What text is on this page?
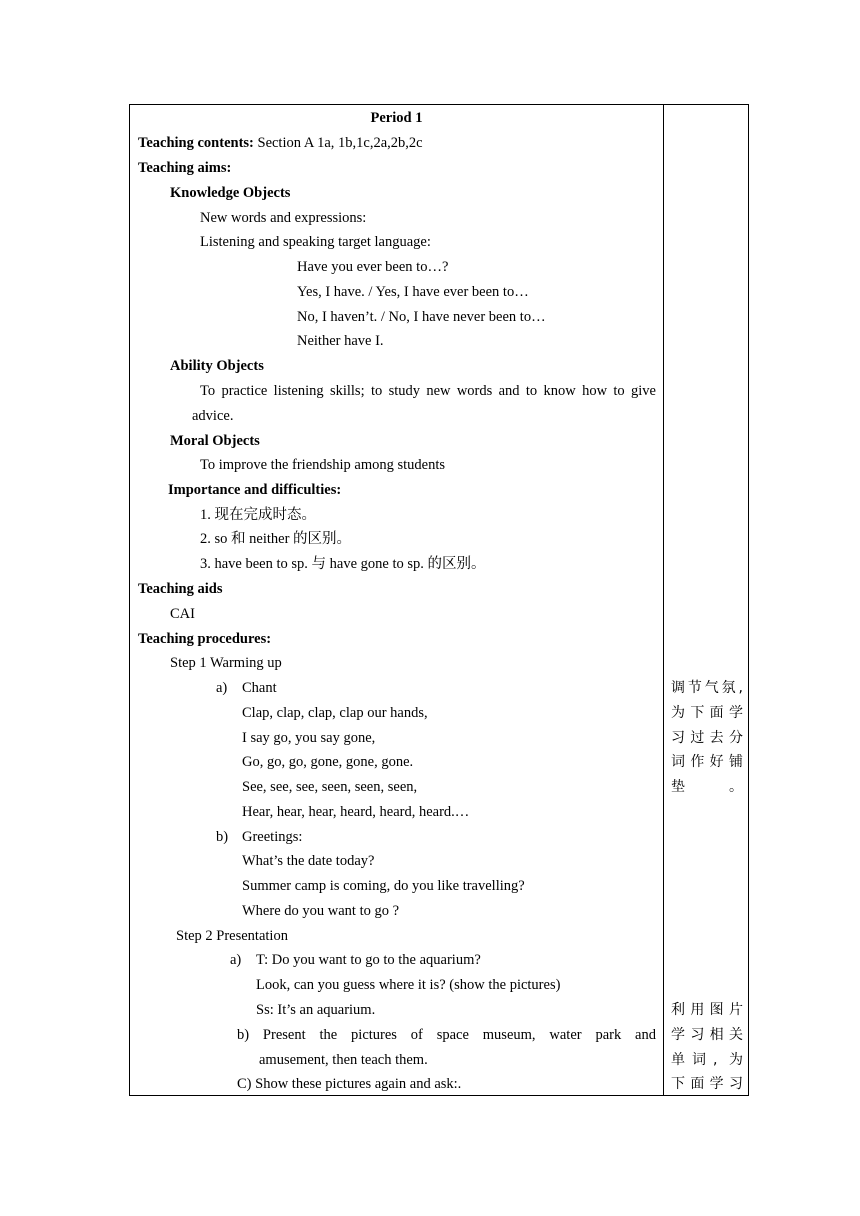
Period 1
Teaching contents: Section A 1a, 1b,1c,2a,2b,2c
Teaching aims:
Knowledge Objects
New words and expressions:
Listening and speaking target language:
Have you ever been to…?
Yes, I have. / Yes, I have ever been to…
No, I haven’t. / No, I have never been to…
Neither have I.
Ability Objects
To practice listening skills; to study new words and to know how to give
advice.
Moral Objects
To improve the friendship among students
Importance and difficulties:
1. 现在完成时态。
2. so 和 neither 的区别。
3. have been to sp. 与 have gone to sp. 的区别。
Teaching aids
CAI
Teaching procedures:
Step 1 Warming up
a) Chant
Clap, clap, clap, clap our hands,
I say go, you say gone,
Go, go, go, gone, gone, gone.
See, see, see, seen, seen, seen,
Hear, hear, hear, heard, heard, heard.…
b) Greetings:
What’s the date today?
Summer camp is coming, do you like travelling?
Where do you want to go ?
Step 2 Presentation
a) T: Do you want to go to the aquarium?
Look, can you guess where it is? (show the pictures)
Ss: It’s an aquarium.
b) Present the pictures of space museum, water park and
amusement, then teach them.
C) Show these pictures again and ask:.
调节气氛,
为下面学
习过去分
词作好铺
垫。
利用图片
学习相关
单词, 为
下面学习
